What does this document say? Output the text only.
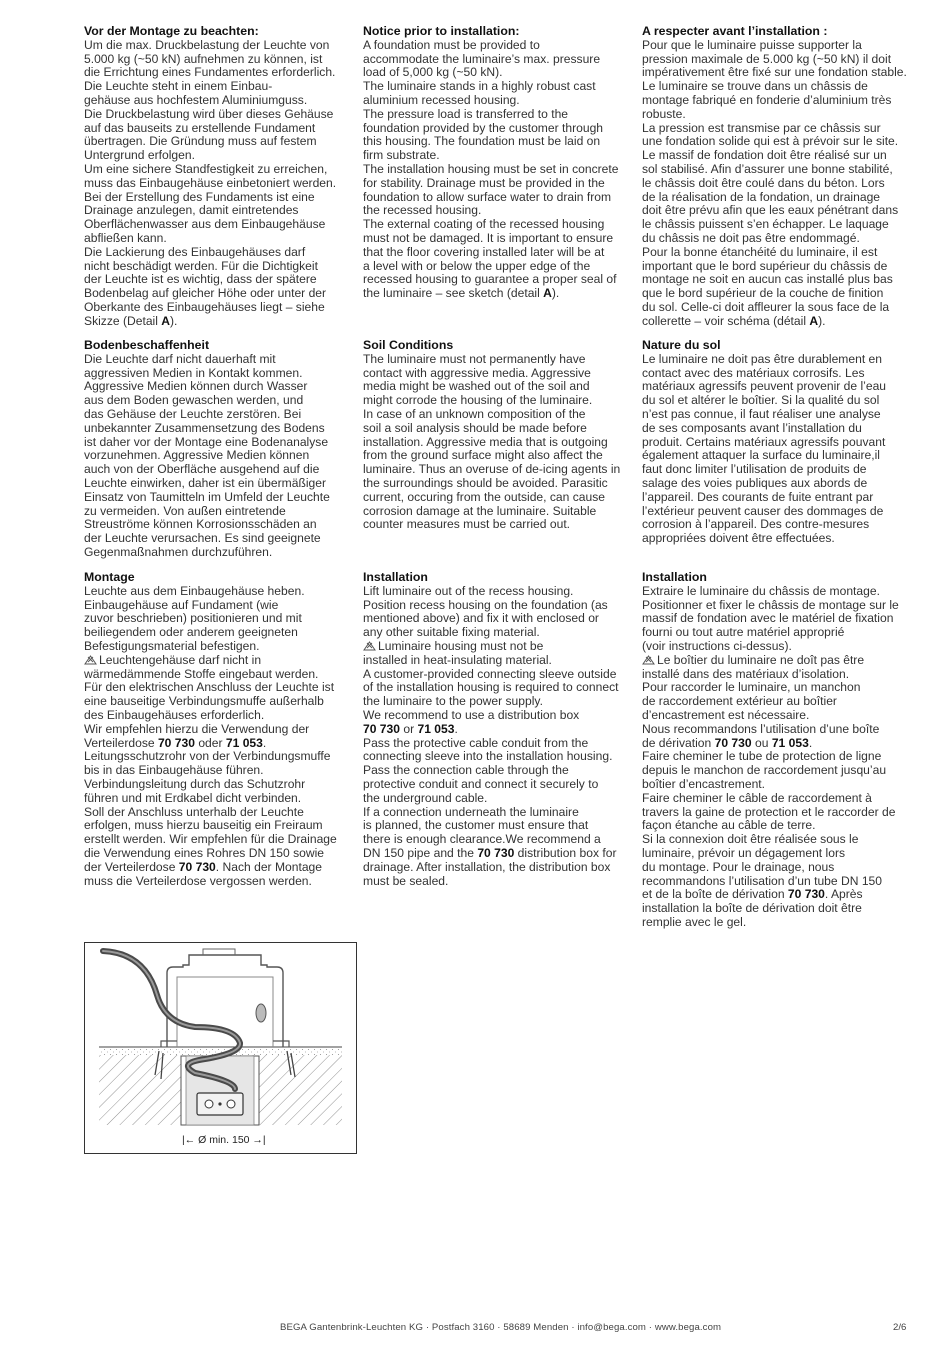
Vor der Montage zu beachten:

Um die max. Druckbelastung der Leuchte von
5.000 kg (~50 kN) aufnehmen zu können, ist
die Errichtung eines Fundamentes erforderlich.
Die Leuchte steht in einem Einbau-
gehäuse aus hochfestem Aluminiumguss.
Die Druckbelastung wird über dieses Gehäuse
auf das bauseits zu erstellende Fundament
übertragen. Die Gründung muss auf festem
Untergrund erfolgen.
Um eine sichere Standfestigkeit zu erreichen,
muss das Einbaugehäuse einbetoniert werden.
Bei der Erstellung des Fundaments ist eine
Drainage anzulegen, damit eintretendes
Oberflächenwasser aus dem Einbaugehäuse
abfließen kann.
Die Lackierung des Einbaugehäuses darf
nicht beschädigt werden. Für die Dichtigkeit
der Leuchte ist es wichtig, dass der spätere
Bodenbelag auf gleicher Höhe oder unter der
Oberkante des Einbaugehäuses liegt – siehe
Skizze (Detail A).

Bodenbeschaffenheit

Die Leuchte darf nicht dauerhaft mit
aggressiven Medien in Kontakt kommen.
Aggressive Medien können durch Wasser
aus dem Boden gewaschen werden, und
das Gehäuse der Leuchte zerstören. Bei
unbekannter Zusammensetzung des Bodens
ist daher vor der Montage eine Bodenanalyse
vorzunehmen. Aggressive Medien können
auch von der Oberfläche ausgehend auf die
Leuchte einwirken, daher ist ein übermäßiger
Einsatz von Taumitteln im Umfeld der Leuchte
zu vermeiden. Von außen eintretende
Streuströme können Korrosionsschäden an
der Leuchte verursachen. Es sind geeignete
Gegenmaßnahmen durchzuführen.

Montage

Leuchte aus dem Einbaugehäuse heben.
Einbaugehäuse auf Fundament (wie
zuvor beschrieben) positionieren und mit
beiliegendem oder anderem geeigneten
Befestigungsmaterial befestigen.
Leuchtengehäuse darf nicht in
wärmedämmende Stoffe eingebaut werden.
Für den elektrischen Anschluss der Leuchte ist
eine bauseitige Verbindungsmuffe außerhalb
des Einbaugehäuses erforderlich.
Wir empfehlen hierzu die Verwendung der
Verteilerdose 70 730 oder 71 053.
Leitungsschutzrohr von der Verbindungsmuffe
bis in das Einbaugehäuse führen.
Verbindungsleitung durch das Schutzrohr
führen und mit Erdkabel dicht verbinden.
Soll der Anschluss unterhalb der Leuchte
erfolgen, muss hierzu bauseitig ein Freiraum
erstellt werden. Wir empfehlen für die Drainage
die Verwendung eines Rohres DN 150 sowie
der Verteilerdose 70 730. Nach der Montage
muss die Verteilerdose vergossen werden.

Notice prior to installation:

A foundation must be provided to
accommodate the luminaire’s max. pressure
load of 5,000 kg (~50 kN).
The luminaire stands in a highly robust cast
aluminium recessed housing.
The pressure load is transferred to the
foundation provided by the customer through
this housing. The foundation must be laid on
firm substrate.
The installation housing must be set in concrete
for stability. Drainage must be provided in the
foundation to allow surface water to drain from
the recessed housing.
The external coating of the recessed housing
must not be damaged. It is important to ensure
that the floor covering installed later will be at
a level with or below the upper edge of the
recessed housing to guarantee a proper seal of
the luminaire – see sketch (detail A).

Soil Conditions

The luminaire must not permanently have
contact with aggressive media. Aggressive
media might be washed out of the soil and
might corrode the housing of the luminaire.
In case of an unknown composition of the
soil a soil analysis should be made before
installation. Aggressive media that is outgoing
from the ground surface might also affect the
luminaire. Thus an overuse of de-icing agents in
the surroundings should be avoided. Parasitic
current, occuring from the outside, can cause
corrosion damage at the luminaire. Suitable
counter measures must be carried out.

Installation

Lift luminaire out of the recess housing.
Position recess housing on the foundation (as
mentioned above) and fix it with enclosed or
any other suitable fixing material.
Luminaire housing must not be
installed in heat-insulating material.
A customer-provided connecting sleeve outside
of the installation housing is required to connect
the luminaire to the power supply.
We recommend to use a distribution box
70 730 or 71 053.
Pass the protective cable conduit from the
connecting sleeve into the installation housing.
Pass the connection cable through the
protective conduit and connect it securely to
the underground cable.
If a connection underneath the luminaire
is planned, the customer must ensure that
there is enough clearance.We recommend a
DN 150 pipe and the 70 730 distribution box for
drainage. After installation, the distribution box
must be sealed.

A respecter avant l’installation :

Pour que le luminaire puisse supporter la
pression maximale de 5.000 kg (~50 kN) il doit
impérativement être fixé sur une fondation stable.
Le luminaire se trouve dans un châssis de
montage fabriqué en fonderie d’aluminium très
robuste.
La pression est transmise par ce châssis sur
une fondation solide qui est à prévoir sur le site.
Le massif de fondation doit être réalisé sur un
sol stabilisé. Afin d’assurer une bonne stabilité,
le châssis doit être coulé dans du béton. Lors
de la réalisation de la fondation, un drainage
doit être prévu afin que les eaux pénétrant dans
le châssis puissent s’en échapper. Le laquage
du châssis ne doit pas être endommagé.
Pour la bonne étanchéité du luminaire, il est
important que le bord supérieur du châssis de
montage ne soit en aucun cas installé plus bas
que le bord supérieur de la couche de finition
du sol. Celle-ci doit affleurer la sous face de la
collerette – voir schéma (détail A).

Nature du sol

Le luminaire ne doit pas être durablement en
contact avec des matériaux corrosifs. Les
matériaux agressifs peuvent provenir de l’eau
du sol et altérer le boîtier. Si la qualité du sol
n’est pas connue, il faut réaliser une analyse
de ses composants avant l’installation du
produit. Certains matériaux agressifs pouvant
également attaquer la surface du luminaire,il
faut donc limiter l’utilisation de produits de
salage des voies publiques aux abords de
l’appareil. Des courants de fuite entrant par
l’extérieur peuvent causer des dommages de
corrosion à l’appareil. Des contre-mesures
appropriées doivent être effectuées.

Installation

Extraire le luminaire du châssis de montage.
Positionner et fixer le châssis de montage sur le
massif de fondation avec le matériel de fixation
fourni ou tout autre matériel approprié
(voir instructions ci-dessus).
Le boîtier du luminaire ne doît pas être
installé dans des matériaux d’isolation.
Pour raccorder le luminaire, un manchon
de raccordement extérieur au boîtier
d’encastrement est nécessaire.
Nous recommandons l’utilisation d’une boîte
de dérivation 70 730 ou 71 053.
Faire cheminer le tube de protection de ligne
depuis le manchon de raccordement jusqu’au
boîtier d’encastrement.
Faire cheminer le câble de raccordement à
travers la gaine de protection et le raccorder de
façon étanche au câble de terre.
Si la connexion doit être réalisée sous le
luminaire, prévoir un dégagement lors
du montage. Pour le drainage, nous
recommandons l’utilisation d’un tube DN 150
et de la boîte de dérivation 70 730. Après
installation la boîte de dérivation doit être
remplie avec le gel.

|← Ø min. 150 →|
BEGA Gantenbrink-Leuchten KG · Postfach 3160 · 58689 Menden · info@bega.com · www.bega.com	2/6
